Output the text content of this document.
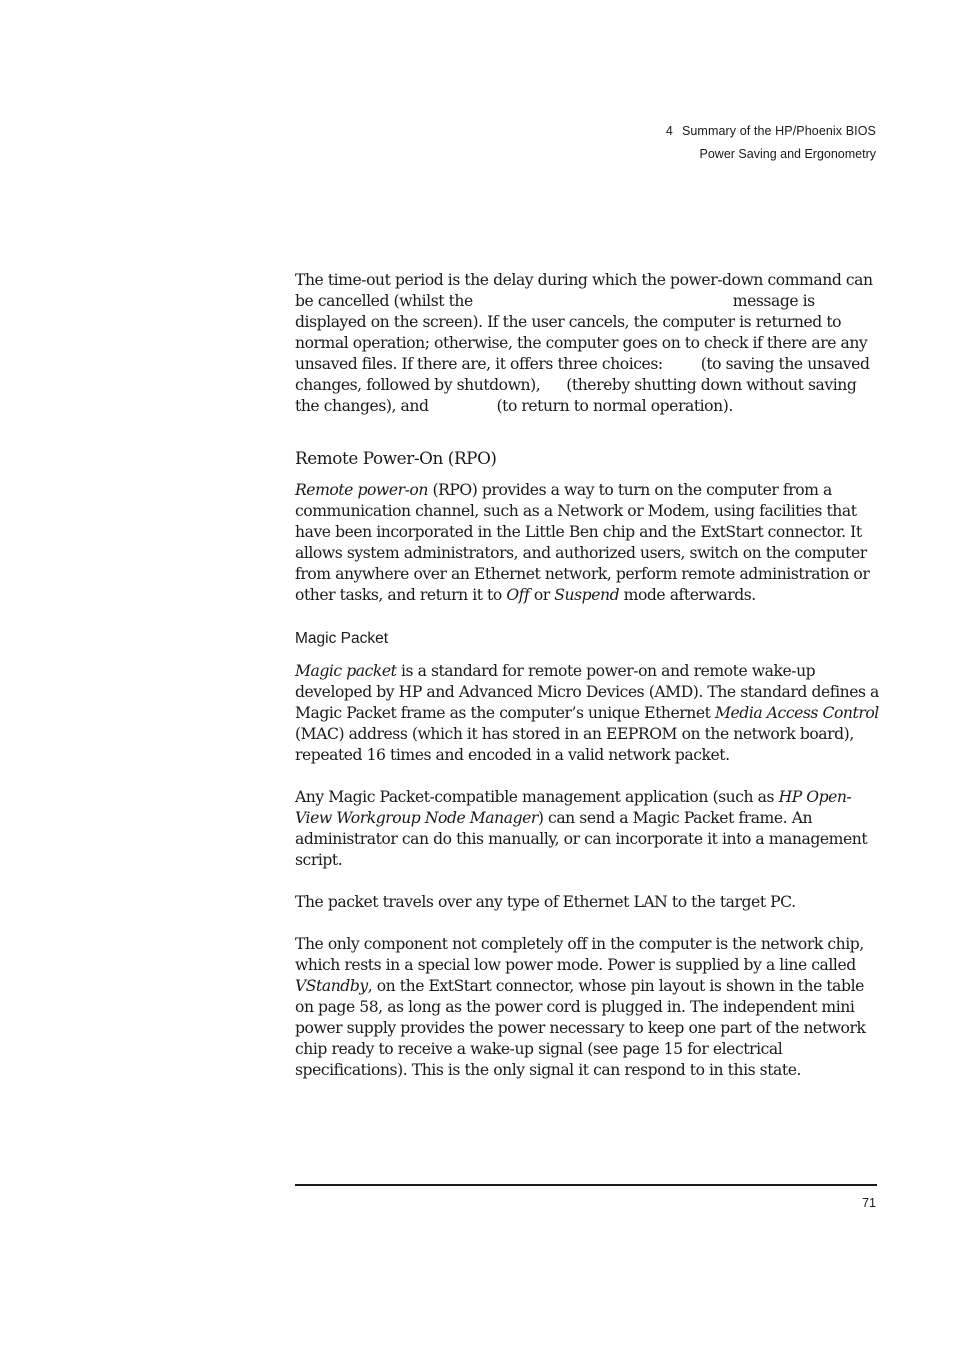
4 Summary of the HP/Phoenix BIOS
Power Saving and Ergonometry

The time-out period is the delay during which the power-down command can be cancelled (whilst the	message is displayed on the screen). If the user cancels, the computer is returned to normal operation; otherwise, the computer goes on to check if there are any unsaved files. If there are, it offers three choices: (to saving the unsaved changes, followed by shutdown), (thereby shutting down without saving the changes), and	(to return to normal operation).

Remote Power-On (RPO)

Remote power-on (RPO) provides a way to turn on the computer from a communication channel, such as a Network or Modem, using facilities that have been incorporated in the Little Ben chip and the ExtStart connector. It allows system administrators, and authorized users, switch on the computer from anywhere over an Ethernet network, perform remote administration or other tasks, and return it to Off or Suspend mode afterwards.

Magic Packet

Magic packet is a standard for remote power-on and remote wake-up developed by HP and Advanced Micro Devices (AMD). The standard defines a Magic Packet frame as the computer’s unique Ethernet Media Access Control (MAC) address (which it has stored in an EEPROM on the network board), repeated 16 times and encoded in a valid network packet.

Any Magic Packet-compatible management application (such as HP Open-View Workgroup Node Manager) can send a Magic Packet frame. An administrator can do this manually, or can incorporate it into a management script.

The packet travels over any type of Ethernet LAN to the target PC.

The only component not completely off in the computer is the network chip, which rests in a special low power mode. Power is supplied by a line called VStandby, on the ExtStart connector, whose pin layout is shown in the table on page 58, as long as the power cord is plugged in. The independent mini power supply provides the power necessary to keep one part of the network chip ready to receive a wake-up signal (see page 15 for electrical specifications). This is the only signal it can respond to in this state.

71
